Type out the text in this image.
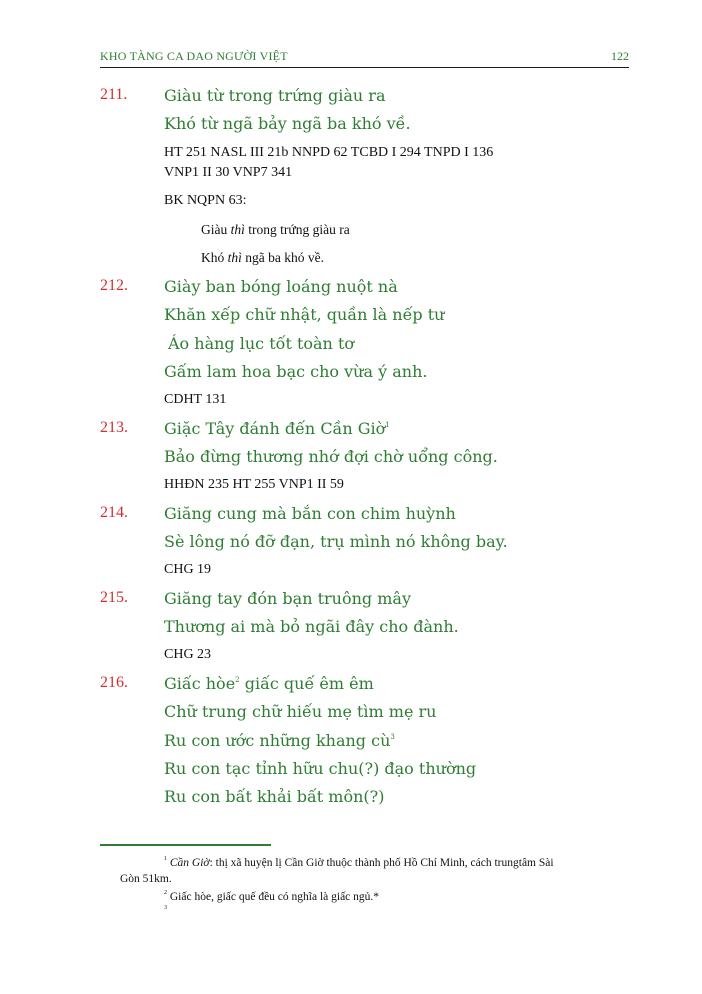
KHO TÀNG CA DAO NGƯỜI VIỆT	122
211. Giàu từ trong trứng giàu ra
Khó từ ngã bảy ngã ba khó về.
HT 251 NASL III 21b NNPD 62 TCBD I 294 TNPD I 136
VNP1 II 30 VNP7 341
BK NQPN 63:
Giàu thì trong trứng giàu ra
Khó thì ngã ba khó về.
212. Giày ban bóng loáng nuột nà
Khăn xếp chữ nhật, quần là nếp tư
Áo hàng lục tốt toàn tơ
Gấm lam hoa bạc cho vừa ý anh.
CDHT 131
213. Giặc Tây đánh đến Cần Giờ$^1$
Bảo đừng thương nhớ đợi chờ uổng công.
HHĐN 235 HT 255 VNP1 II 59
214. Giăng cung mà bắn con chim huỳnh
Sè lông nó đỡ đạn, trụ mình nó không bay.
CHG 19
215. Giăng tay đón bạn truông mây
Thương ai mà bỏ ngãi đây cho đành.
CHG 23
216. Giấc hòe$^2$ giấc quế êm êm
Chữ trung chữ hiếu mẹ tìm mẹ ru
Ru con ước những khang $cù^3$
Ru con tạc tỉnh hữu chu(?) đạo thường
Ru con bất khải bất môn(?)
$^1$ Cần Giờ: thị xã huyện lị Cần Giờ thuộc thành phố Hồ Chí Minh, cách trungtâm Sài
Gòn 51km.
$^2$ Giấc hòe, giấc quế đều có nghĩa là giấc ngủ.*
$^3$
